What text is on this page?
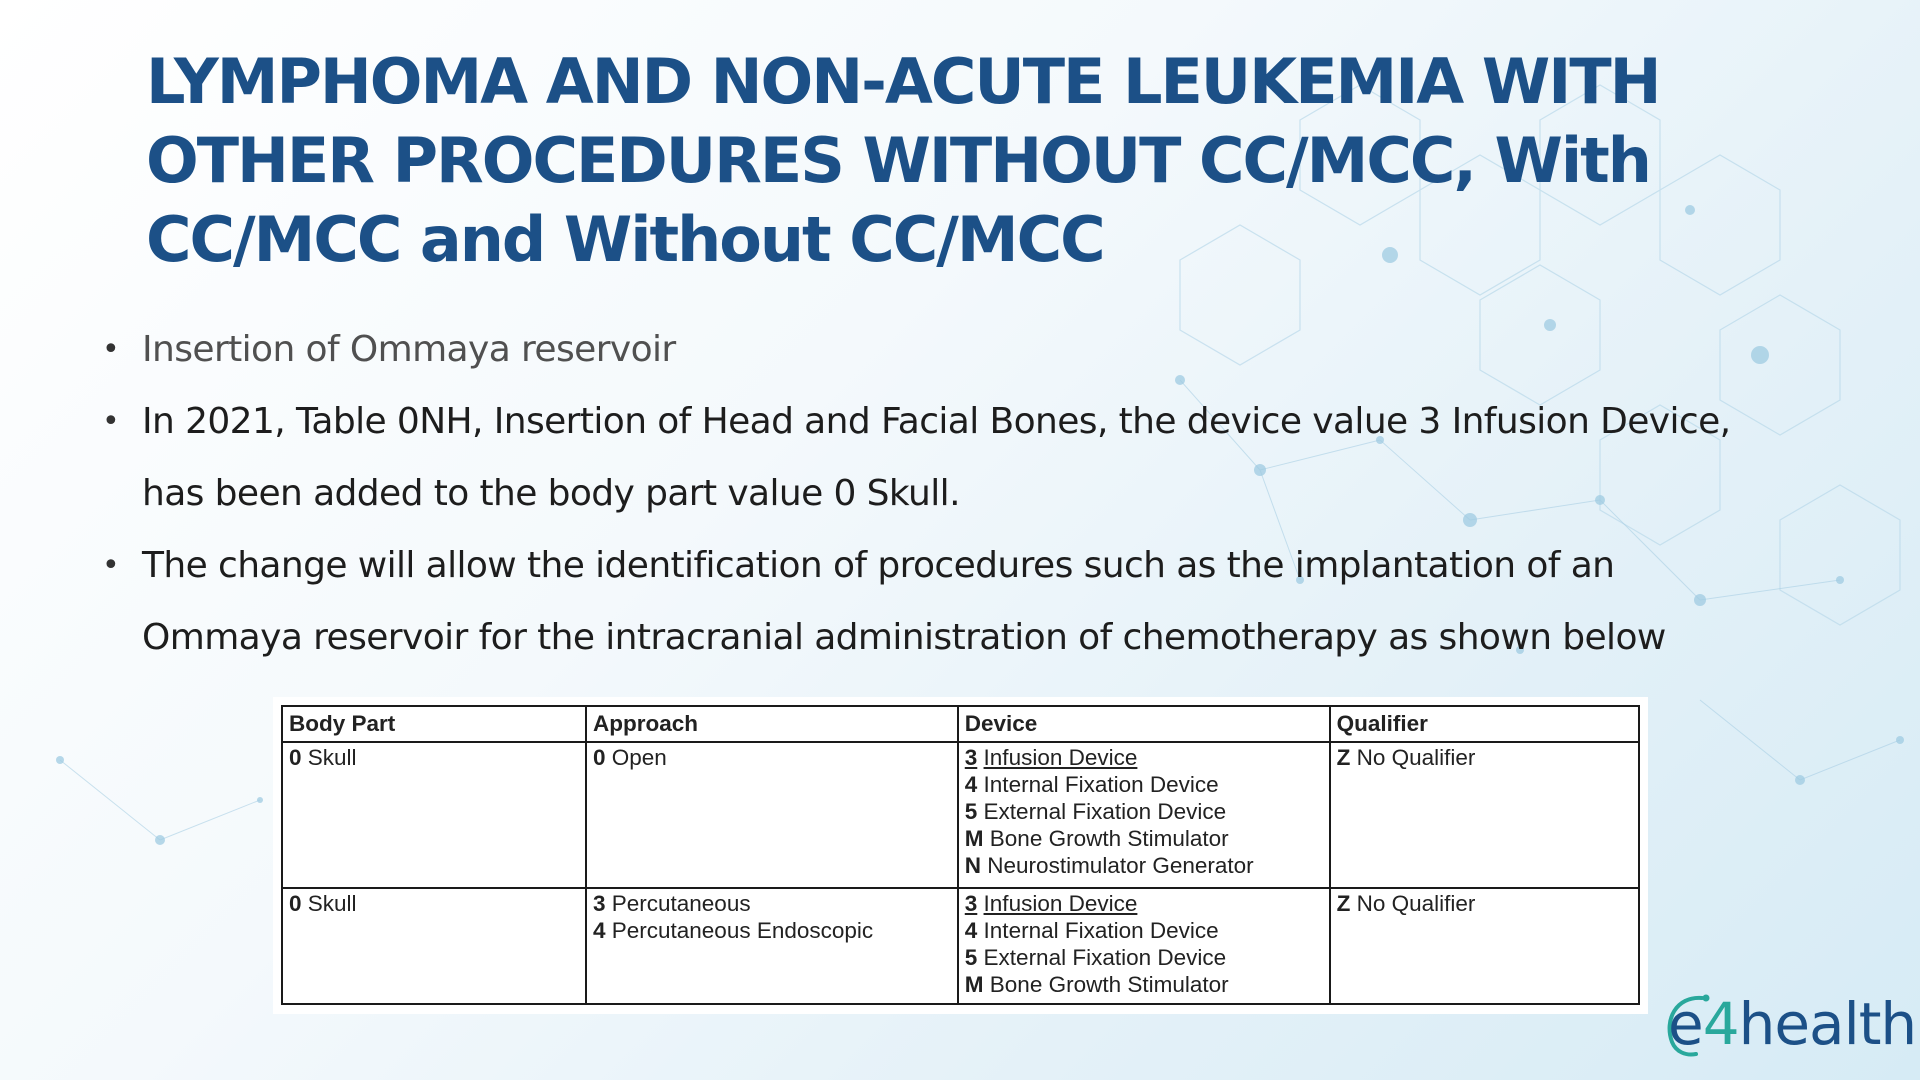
LYMPHOMA AND NON-ACUTE LEUKEMIA WITH
OTHER PROCEDURES WITHOUT CC/MCC, With
CC/MCC and Without CC/MCC
• Insertion of Ommaya reservoir
• In 2021, Table 0NH, Insertion of Head and Facial Bones, the device value 3 Infusion Device,
has been added to the body part value 0 Skull.
• The change will allow the identification of procedures such as the implantation of an
Ommaya reservoir for the intracranial administration of chemotherapy as shown below
Body Part	Approach	Device	Qualifier
0 Skull	0 Open	3 Infusion Device
4 Internal Fixation Device
5 External Fixation Device
M Bone Growth Stimulator
N Neurostimulator Generator	Z No Qualifier
0 Skull	3 Percutaneous
4 Percutaneous Endoscopic	3 Infusion Device
4 Internal Fixation Device
5 External Fixation Device
M Bone Growth Stimulator	Z No Qualifier
e4health
